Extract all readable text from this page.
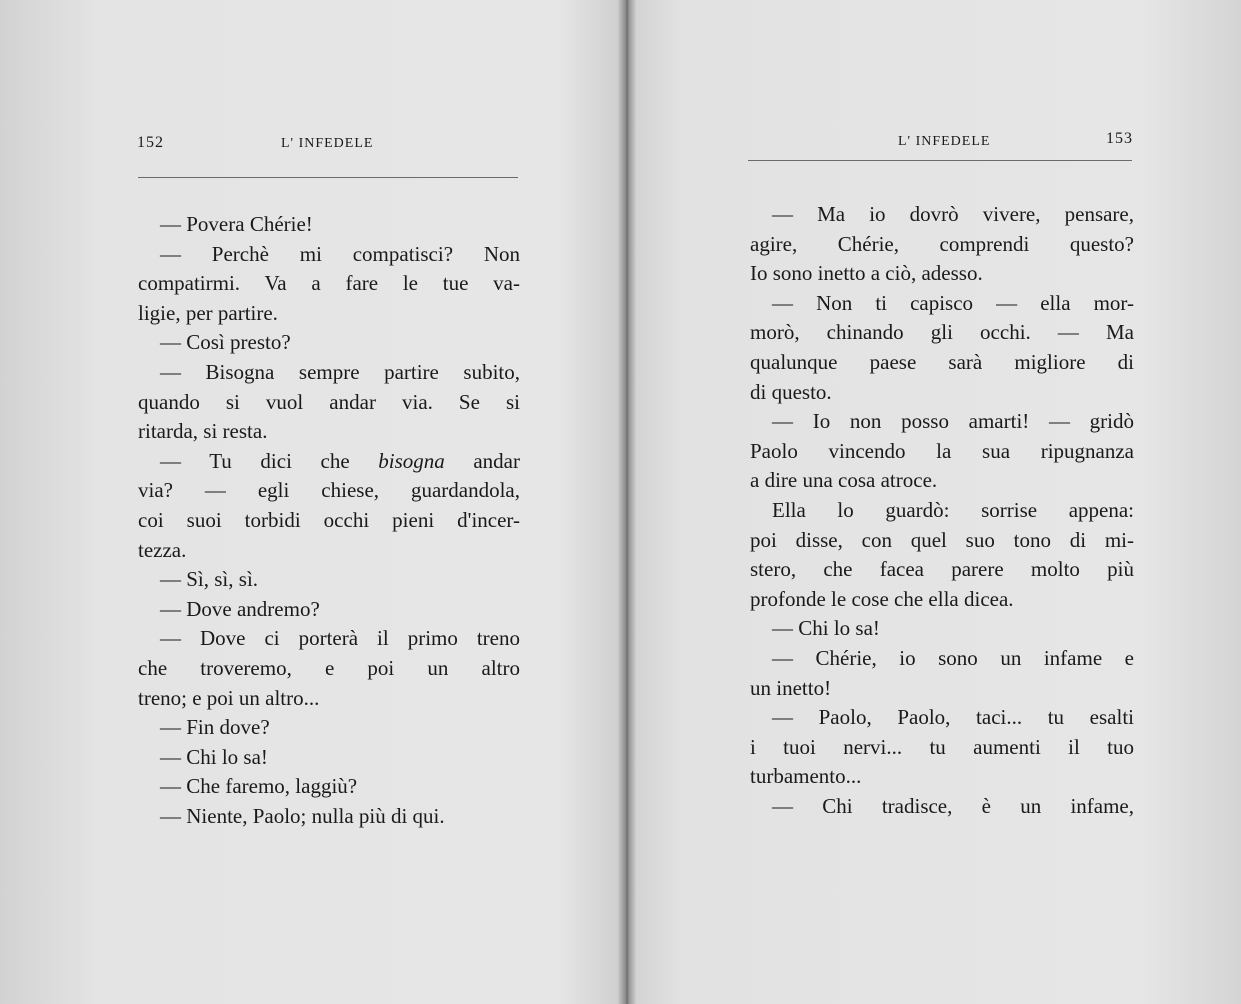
152	L' INFEDELE
— Povera Chérie!
— Perchè mi compatisci? Non
compatirmi. Va a fare le tue va-
ligie, per partire.
— Così presto?
— Bisogna sempre partire subito,
quando si vuol andar via. Se si
ritarda, si resta.
— Tu dici che bisogna andar
via? — egli chiese, guardandola,
coi suoi torbidi occhi pieni d'incer-
tezza.
— Sì, sì, sì.
— Dove andremo?
— Dove ci porterà il primo treno
che troveremo, e poi un altro
treno; e poi un altro...
— Fin dove?
— Chi lo sa!
— Che faremo, laggiù?
— Niente, Paolo; nulla più di qui.
L' INFEDELE	153
— Ma io dovrò vivere, pensare,
agire, Chérie, comprendi questo?
Io sono inetto a ciò, adesso.
— Non ti capisco — ella mor-
morò, chinando gli occhi. — Ma
qualunque paese sarà migliore di
di questo.
— Io non posso amarti! — gridò
Paolo vincendo la sua ripugnanza
a dire una cosa atroce.
Ella lo guardò: sorrise appena:
poi disse, con quel suo tono di mi-
stero, che facea parere molto più
profonde le cose che ella dicea.
— Chi lo sa!
— Chérie, io sono un infame e
un inetto!
— Paolo, Paolo, taci... tu esalti
i tuoi nervi... tu aumenti il tuo
turbamento...
— Chi tradisce, è un infame,
